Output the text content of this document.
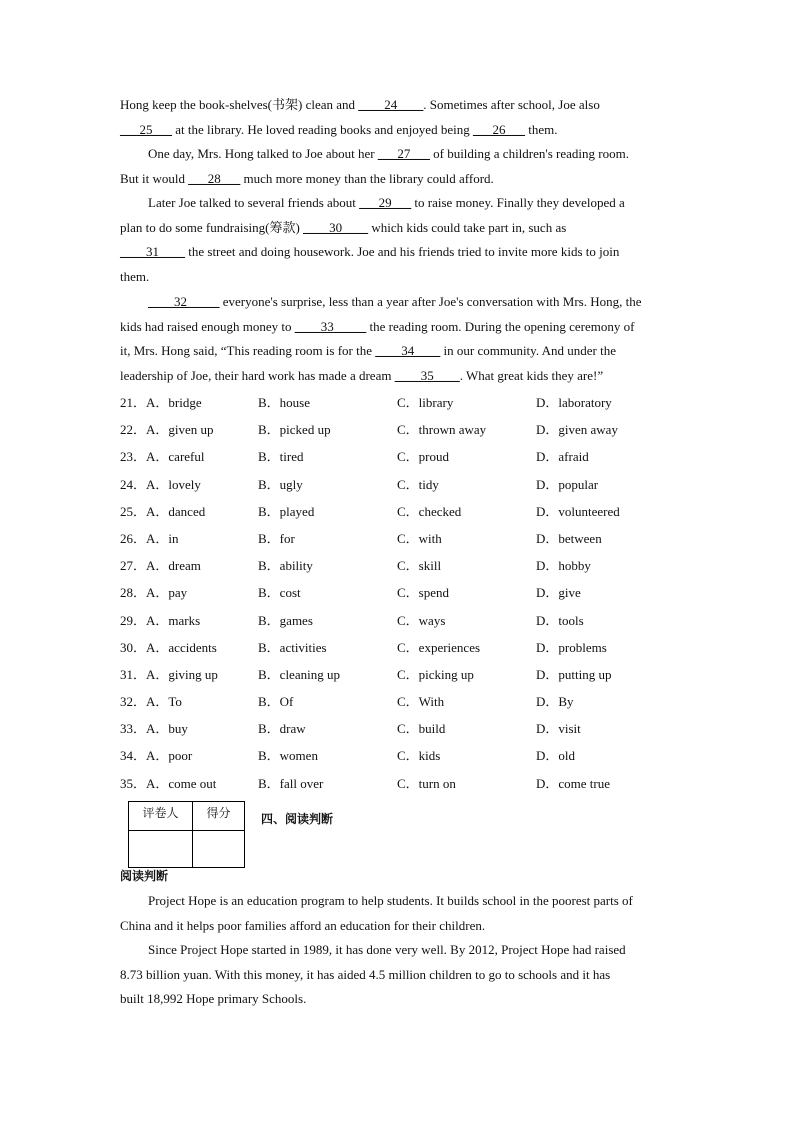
Hong keep the book-shelves(书架) clean and ____24____. Sometimes after school, Joe also
___25___ at the library. He loved reading books and enjoyed being ___26___ them.
One day, Mrs. Hong talked to Joe about her ___27___ of building a children's reading room.
But it would ___28___ much more money than the library could afford.
Later Joe talked to several friends about ___29___ to raise money. Finally they developed a
plan to do some fundraising(筹款) ____30____ which kids could take part in, such as
____31____ the street and doing housework. Joe and his friends tried to invite more kids to join
them.
____32_____ everyone's surprise, less than a year after Joe's conversation with Mrs. Hong, the
kids had raised enough money to ____33_____ the reading room. During the opening ceremony of
it, Mrs. Hong said, “This reading room is for the ____34____ in our community. And under the
leadership of Joe, their hard work has made a dream ____35____. What great kids they are!”
21．A．bridge	B．house	C．library	D．laboratory
22．A．given up	B．picked up	C．thrown away	D．given away
23．A．careful	B．tired	C．proud	D．afraid
24．A．lovely	B．ugly	C．tidy	D．popular
25．A．danced	B．played	C．checked	D．volunteered
26．A．in	B．for	C．with	D．between
27．A．dream	B．ability	C．skill	D．hobby
28．A．pay	B．cost	C．spend	D．give
29．A．marks	B．games	C．ways	D．tools
30．A．accidents	B．activities	C．experiences	D．problems
31．A．giving up	B．cleaning up	C．picking up	D．putting up
32．A．To	B．Of	C．With	D．By
33．A．buy	B．draw	C．build	D．visit
34．A．poor	B．women	C．kids	D．old
35．A．come out	B．fall over	C．turn on	D．come true
评卷人	得分
		四、阅读判断
阅读判断
Project Hope is an education program to help students. It builds school in the poorest parts of
China and it helps poor families afford an education for their children.
Since Project Hope started in 1989, it has done very well. By 2012, Project Hope had raised
8.73 billion yuan. With this money, it has aided 4.5 million children to go to schools and it has
built 18,992 Hope primary Schools.
